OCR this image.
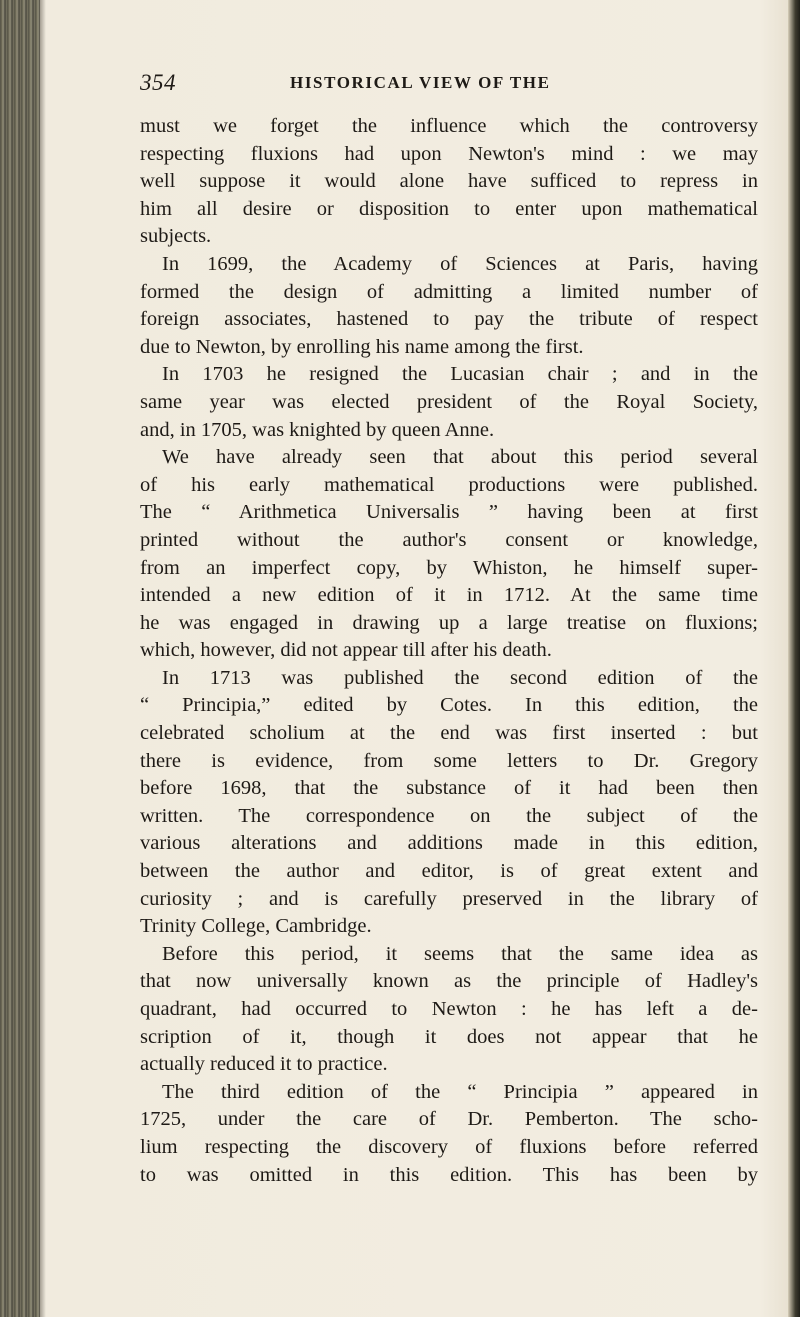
354	HISTORICAL VIEW OF THE
must we forget the influence which the controversy
respecting fluxions had upon Newton's mind : we may
well suppose it would alone have sufficed to repress in
him all desire or disposition to enter upon mathematical
subjects.
In 1699, the Academy of Sciences at Paris, having
formed the design of admitting a limited number of
foreign associates, hastened to pay the tribute of respect
due to Newton, by enrolling his name among the first.
In 1703 he resigned the Lucasian chair ; and in the
same year was elected president of the Royal Society,
and, in 1705, was knighted by queen Anne.
We have already seen that about this period several
of his early mathematical productions were published.
The “ Arithmetica Universalis ” having been at first
printed without the author's consent or knowledge,
from an imperfect copy, by Whiston, he himself super-
intended a new edition of it in 1712. At the same time
he was engaged in drawing up a large treatise on fluxions;
which, however, did not appear till after his death.
In 1713 was published the second edition of the
“ Principia,” edited by Cotes. In this edition, the
celebrated scholium at the end was first inserted : but
there is evidence, from some letters to Dr. Gregory
before 1698, that the substance of it had been then
written. The correspondence on the subject of the
various alterations and additions made in this edition,
between the author and editor, is of great extent and
curiosity ; and is carefully preserved in the library of
Trinity College, Cambridge.
Before this period, it seems that the same idea as
that now universally known as the principle of Hadley's
quadrant, had occurred to Newton : he has left a de-
scription of it, though it does not appear that he
actually reduced it to practice.
The third edition of the “ Principia ” appeared in
1725, under the care of Dr. Pemberton. The scho-
lium respecting the discovery of fluxions before referred
to was omitted in this edition. This has been by
